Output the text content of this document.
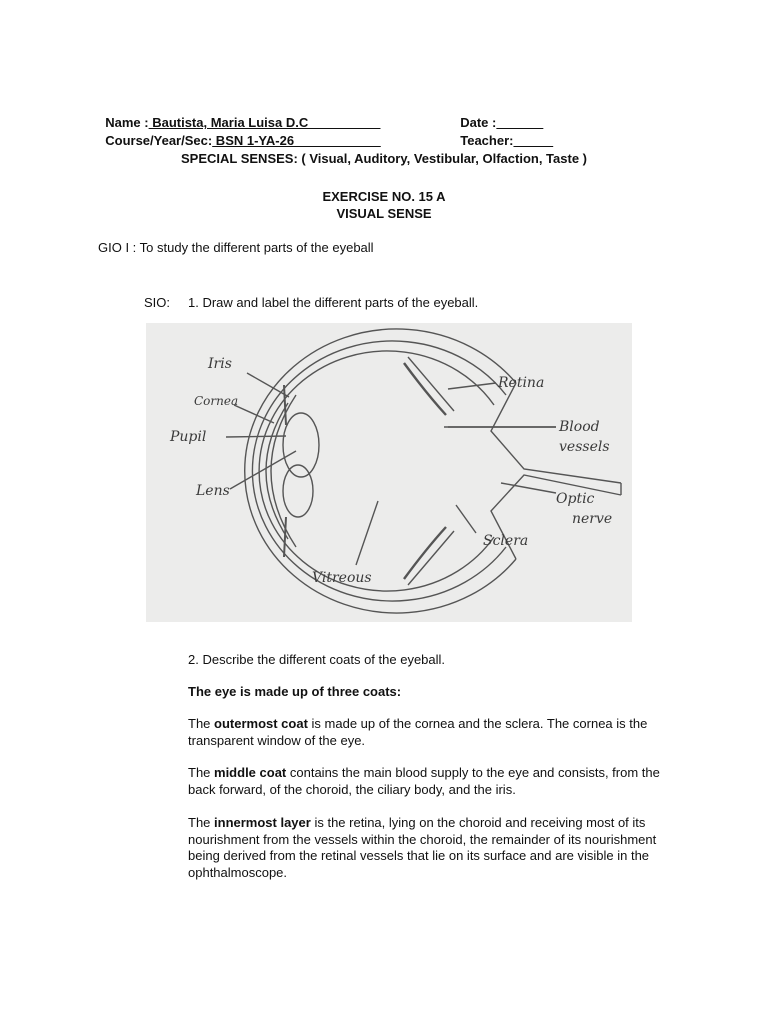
Name : Bautista, Maria Luisa D.C	Date :

Course/Year/Sec: BSN 1-YA-26	Teacher:

SPECIAL SENSES: ( Visual, Auditory, Vestibular, Olfaction, Taste )
EXERCISE NO. 15 A
VISUAL SENSE
GIO I : To study the different parts of the eyeball
SIO: 1. Draw and label the different parts of the eyeball.
Iris
Cornea
Pupil
Lens
Vitreous
Retina
Blood
vessels
Optic
nerve
Sclera
2. Describe the different coats of the eyeball.
The eye is made up of three coats:
The outermost coat is made up of the cornea and the sclera. The cornea is the transparent window of the eye.
The middle coat contains the main blood supply to the eye and consists, from the back forward, of the choroid, the ciliary body, and the iris.
The innermost layer is the retina, lying on the choroid and receiving most of its nourishment from the vessels within the choroid, the remainder of its nourishment being derived from the retinal vessels that lie on its surface and are visible in the ophthalmoscope.
